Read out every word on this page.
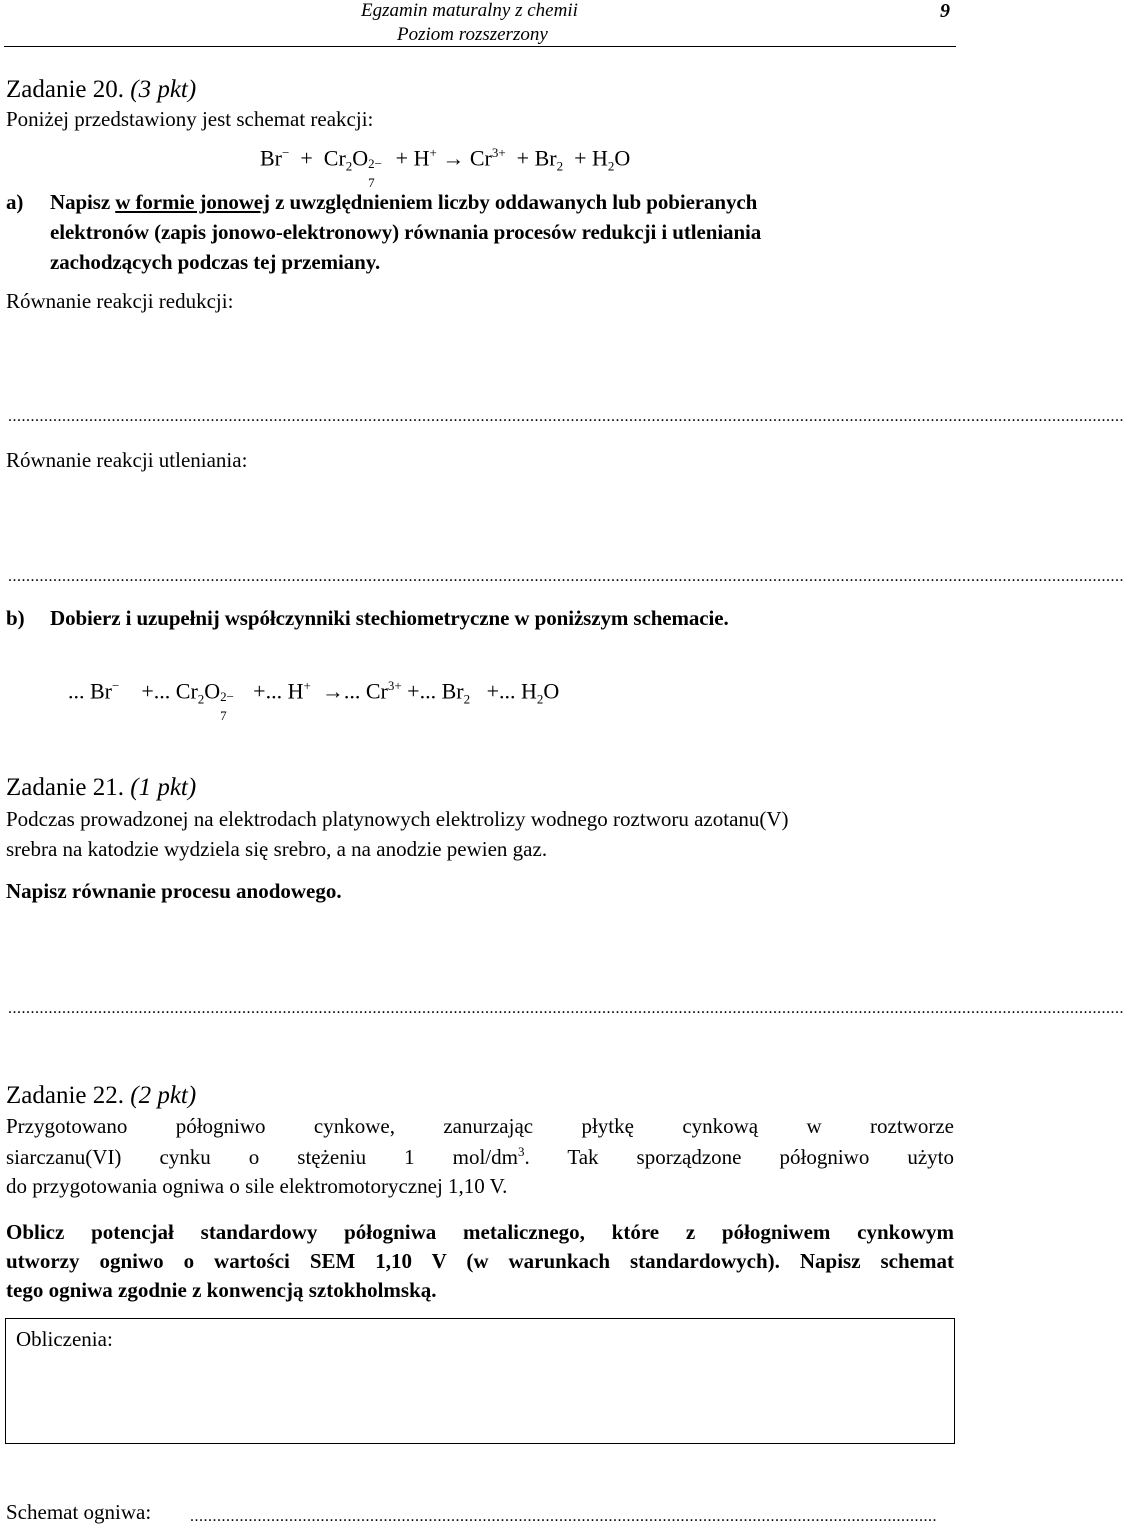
Egzamin maturalny z chemii
Poziom rozszerzony
9
Zadanie 20. (3 pkt)
Poniżej przedstawiony jest schemat reakcji:
$Br^- + Cr_2O$ 2−
7
+ $H^+ \to Cr^{3+} + Br_2 + H_2O$
a) Napisz w formie jonowej z uwzględnieniem liczby oddawanych lub pobieranych
elektronów (zapis jonowo-elektronowy) równania procesów redukcji i utleniania
zachodzących podczas tej przemiany.
Równanie reakcji redukcji:
........................................................................................................................................................................................................................................................
Równanie reakcji utleniania:
........................................................................................................................................................................................................................................................
b) Dobierz i uzupełnij współczynniki stechiometryczne w poniższym schemacie.
... Br− +... $Cr_2O$ 2−
7
+... H+ →... $Cr^{3+}$ +... $Br_2$ +... $H_2O$
Zadanie 21. (1 pkt)
Podczas prowadzonej na elektrodach platynowych elektrolizy wodnego roztworu azotanu(V)
srebra na katodzie wydziela się srebro, a na anodzie pewien gaz.
Napisz równanie procesu anodowego.
........................................................................................................................................................................................................................................................
Zadanie 22. (2 pkt)
Przygotowano półogniwo cynkowe, zanurzając płytkę cynkową w roztworze
siarczanu(VI) cynku o stężeniu 1 mol/$dm^3$. Tak sporządzone półogniwo użyto
do przygotowania ogniwa o sile elektromotorycznej 1,10 V.
Oblicz potencjał standardowy półogniwa metalicznego, które z półogniwem cynkowym
utworzy ogniwo o wartości SEM 1,10 V (w warunkach standardowych). Napisz schemat
tego ogniwa zgodnie z konwencją sztokholmską.
Obliczenia:
Schemat ogniwa: ......................................................................................................................................................................
